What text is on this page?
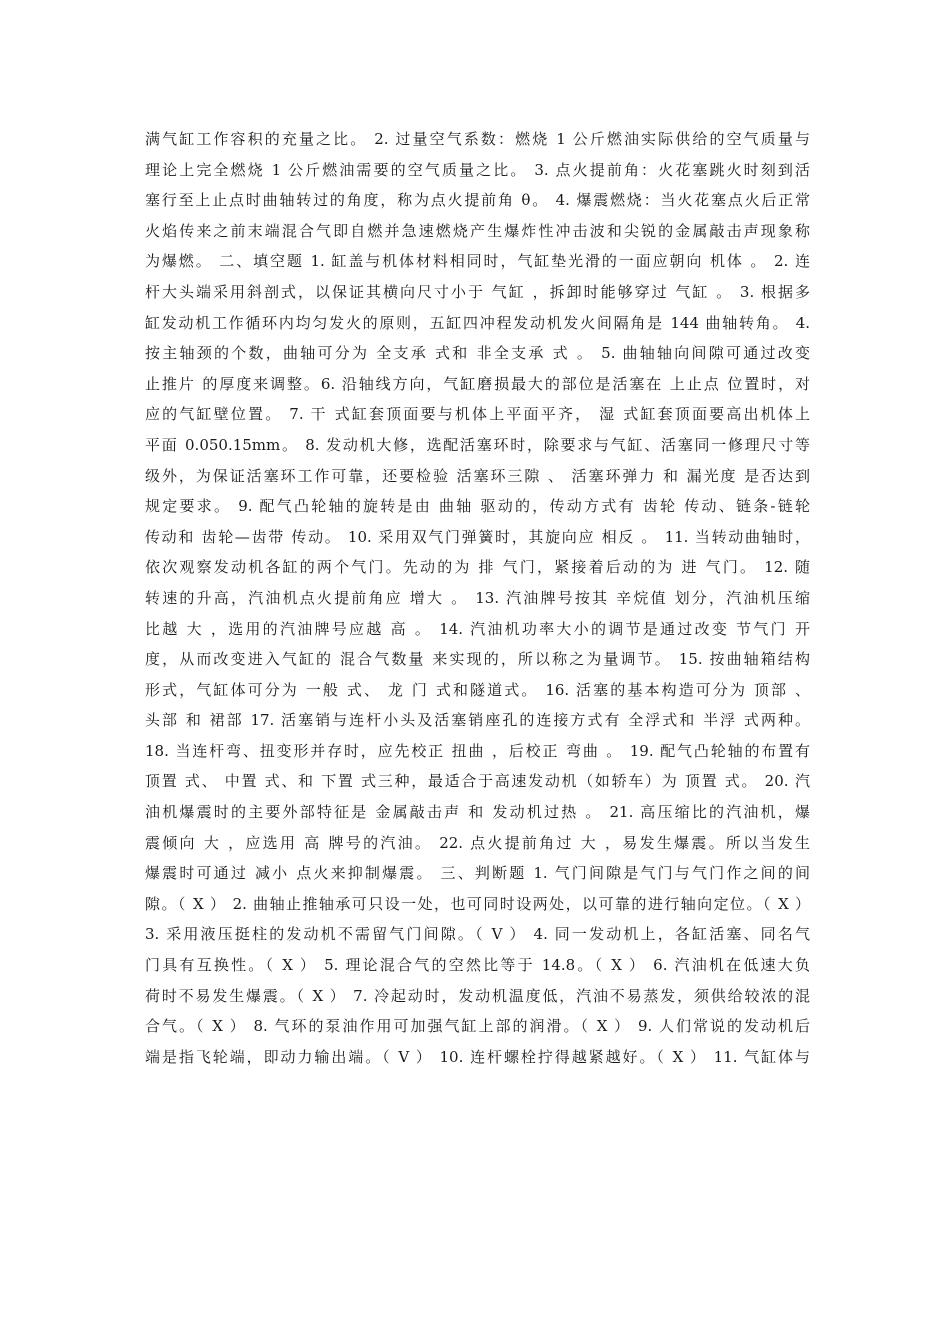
满气缸工作容积的充量之比。 2. 过量空气系数：燃烧 1 公斤燃油实际供给的空气质量与
理论上完全燃烧 1 公斤燃油需要的空气质量之比。 3. 点火提前角：火花塞跳火时刻到活
塞行至上止点时曲轴转过的角度，称为点火提前角 θ。 4. 爆震燃烧：当火花塞点火后正常
火焰传来之前末端混合气即自燃并急速燃烧产生爆炸性冲击波和尖锐的金属敲击声现象称
为爆燃。 二、填空题 1. 缸盖与机体材料相同时，气缸垫光滑的一面应朝向 机体 。 2. 连
杆大头端采用斜剖式，以保证其横向尺寸小于 气缸 ，拆卸时能够穿过 气缸 。 3. 根据多
缸发动机工作循环内均匀发火的原则，五缸四冲程发动机发火间隔角是 144 曲轴转角。 4.
按主轴颈的个数，曲轴可分为 全支承 式和 非全支承 式 。 5. 曲轴轴向间隙可通过改变
止推片 的厚度来调整。6. 沿轴线方向，气缸磨损最大的部位是活塞在 上止点 位置时，对
应的气缸壁位置。 7. 干 式缸套顶面要与机体上平面平齐， 湿 式缸套顶面要高出机体上
平面 0.050.15mm。 8. 发动机大修，选配活塞环时，除要求与气缸、活塞同一修理尺寸等
级外，为保证活塞环工作可靠，还要检验 活塞环三隙 、 活塞环弹力 和 漏光度 是否达到
规定要求。 9. 配气凸轮轴的旋转是由 曲轴 驱动的，传动方式有 齿轮 传动、链条-链轮
传动和 齿轮—齿带 传动。 10. 采用双气门弹簧时，其旋向应 相反 。 11. 当转动曲轴时，
依次观察发动机各缸的两个气门。先动的为 排 气门，紧接着后动的为 进 气门。 12. 随
转速的升高，汽油机点火提前角应 增大 。 13. 汽油牌号按其 辛烷值 划分，汽油机压缩
比越 大 ，选用的汽油牌号应越 高 。 14. 汽油机功率大小的调节是通过改变 节气门 开
度，从而改变进入气缸的 混合气数量 来实现的，所以称之为量调节。 15. 按曲轴箱结构
形式，气缸体可分为 一般 式、 龙 门 式和隧道式。 16. 活塞的基本构造可分为 顶部 、
头部 和 裙部 17. 活塞销与连杆小头及活塞销座孔的连接方式有 全浮式和 半浮 式两种。
18. 当连杆弯、扭变形并存时，应先校正 扭曲 ，后校正 弯曲 。 19. 配气凸轮轴的布置有
顶置 式、 中置 式、和 下置 式三种，最适合于高速发动机（如轿车）为 顶置 式。 20. 汽
油机爆震时的主要外部特征是 金属敲击声 和 发动机过热 。 21. 高压缩比的汽油机，爆
震倾向 大 ，应选用 高 牌号的汽油。 22. 点火提前角过 大 ，易发生爆震。所以当发生
爆震时可通过 减小 点火来抑制爆震。 三、判断题 1. 气门间隙是气门与气门作之间的间
隙。（ X ） 2. 曲轴止推轴承可只设一处，也可同时设两处，以可靠的进行轴向定位。（ X ）
3. 采用液压挺柱的发动机不需留气门间隙。（ V ） 4. 同一发动机上，各缸活塞、同名气
门具有互换性。（ X ） 5. 理论混合气的空然比等于 14.8。（ X ） 6. 汽油机在低速大负
荷时不易发生爆震。（ X ） 7. 冷起动时，发动机温度低，汽油不易蒸发，须供给较浓的混
合气。（ X ） 8. 气环的泵油作用可加强气缸上部的润滑。（ X ） 9. 人们常说的发动机后
端是指飞轮端，即动力输出端。（ V ） 10. 连杆螺栓拧得越紧越好。（ X ） 11. 气缸体与
